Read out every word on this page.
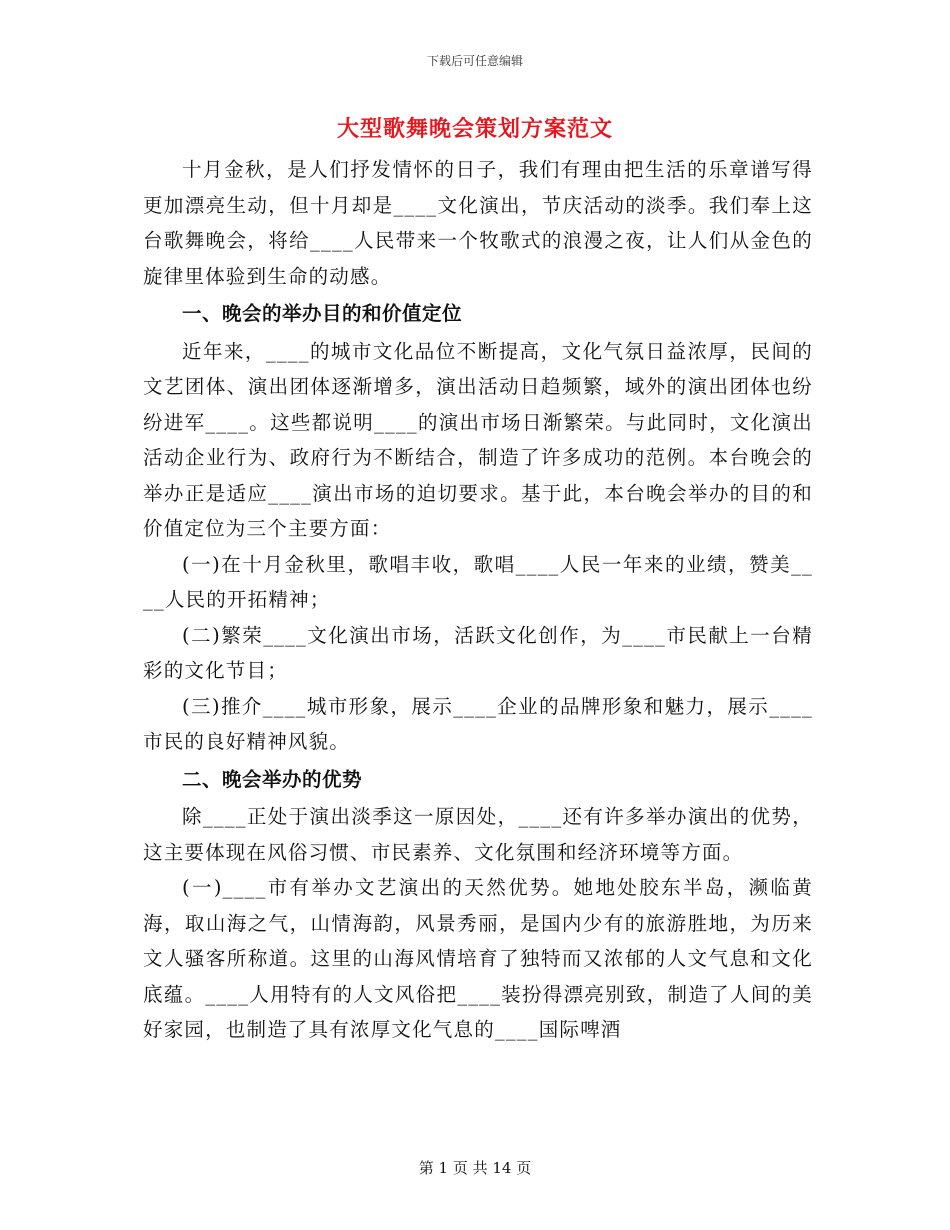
下载后可任意编辑
大型歌舞晚会策划方案范文

十月金秋，是人们抒发情怀的日子，我们有理由把生活的乐章谱写得更加漂亮生动，但十月却是____文化演出，节庆活动的淡季。我们奉上这台歌舞晚会，将给____人民带来一个牧歌式的浪漫之夜，让人们从金色的旋律里体验到生命的动感。

一、晚会的举办目的和价值定位

近年来，____的城市文化品位不断提高，文化气氛日益浓厚，民间的文艺团体、演出团体逐渐增多，演出活动日趋频繁，域外的演出团体也纷纷进军____。这些都说明____的演出市场日渐繁荣。与此同时，文化演出活动企业行为、政府行为不断结合，制造了许多成功的范例。本台晚会的举办正是适应____演出市场的迫切要求。基于此，本台晚会举办的目的和价值定位为三个主要方面：

(一)在十月金秋里，歌唱丰收，歌唱____人民一年来的业绩，赞美____人民的开拓精神；

(二)繁荣____文化演出市场，活跃文化创作，为____市民献上一台精彩的文化节目；

(三)推介____城市形象，展示____企业的品牌形象和魅力，展示____市民的良好精神风貌。

二、晚会举办的优势

除____正处于演出淡季这一原因处，____还有许多举办演出的优势，这主要体现在风俗习惯、市民素养、文化氛围和经济环境等方面。

(一)____市有举办文艺演出的天然优势。她地处胶东半岛，濒临黄海，取山海之气，山情海韵，风景秀丽，是国内少有的旅游胜地，为历来文人骚客所称道。这里的山海风情培育了独特而又浓郁的人文气息和文化底蕴。____人用特有的人文风俗把____装扮得漂亮别致，制造了人间的美好家园，也制造了具有浓厚文化气息的____国际啤酒

第 1 页 共 14 页
